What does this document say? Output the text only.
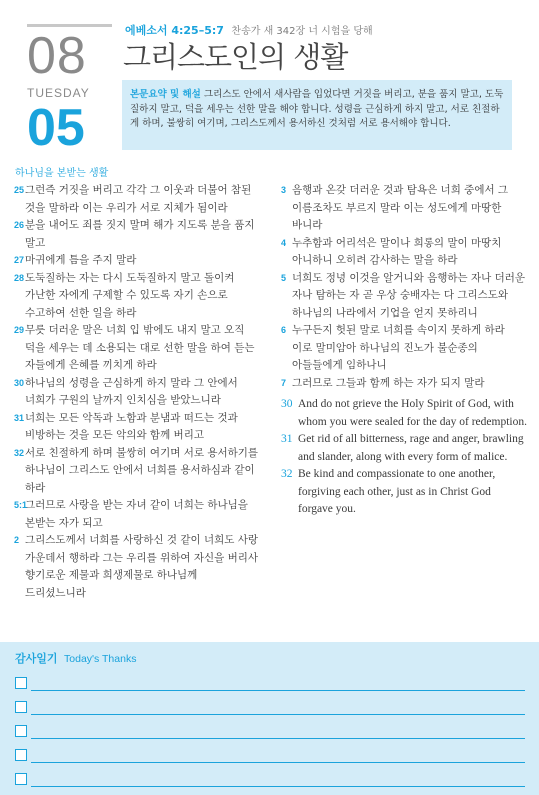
08
TUESDAY
05
에베소서 4:25–5:7 찬송가 새 342장 너 시험을 당해
그리스도인의 생활
본문요약 및 해설 그리스도 안에서 새사람을 입었다면 거짓을 버리고, 분을 품지 말고, 도둑질하지 말고, 덕을 세우는 선한 말을 해야 합니다. 성령을 근심하게 하지 말고, 서로 친절하게 하며, 불쌍히 여기며, 그리스도께서 용서하신 것처럼 서로 용서해야 합니다.
하나님을 본받는 생활
25 그런즉 거짓을 버리고 각각 그 이웃과 더불어 참된 것을 말하라 이는 우리가 서로 지체가 됨이라
26 분을 내어도 죄를 짓지 말며 해가 지도록 분을 품지 말고
27 마귀에게 틈을 주지 말라
28 도둑질하는 자는 다시 도둑질하지 말고 돌이켜 가난한 자에게 구제할 수 있도록 자기 손으로 수고하여 선한 일을 하라
29 무릇 더러운 말은 너희 입 밖에도 내지 말고 오직 덕을 세우는 데 소용되는 대로 선한 말을 하여 듣는 자들에게 은혜를 끼치게 하라
30 하나님의 성령을 근심하게 하지 말라 그 안에서 너희가 구원의 날까지 인치심을 받았느니라
31 너희는 모든 악독과 노함과 분냄과 떠드는 것과 비방하는 것을 모든 악의와 함께 버리고
32 서로 친절하게 하며 불쌍히 여기며 서로 용서하기를 하나님이 그리스도 안에서 너희를 용서하심과 같이 하라
5:1
그러므로 사랑을 받는 자녀 같이 너희는 하나님을 본받는 자가 되고
2 그리스도께서 너희를 사랑하신 것 같이 너희도 사랑 가운데서 행하라 그는 우리를 위하여 자신을 버리사 향기로운 제물과 희생제물로 하나님께 드리셨느니라
3 음행과 온갖 더러운 것과 탐욕은 너희 중에서 그 이름조차도 부르지 말라 이는 성도에게 마땅한 바니라
4 누추함과 어리석은 말이나 희롱의 말이 마땅치 아니하니 오히려 감사하는 말을 하라
5 너희도 정녕 이것을 알거니와 음행하는 자나 더러운 자나 탐하는 자 곧 우상 숭배자는 다 그리스도와 하나님의 나라에서 기업을 얻지 못하리니
6 누구든지 헛된 말로 너희를 속이지 못하게 하라 이로 말미암아 하나님의 진노가 불순종의 아들들에게 임하나니
7 그러므로 그들과 함께 하는 자가 되지 말라
30 And do not grieve the Holy Spirit of God, with whom you were sealed for the day of redemption.
31 Get rid of all bitterness, rage and anger, brawling and slander, along with every form of malice.
32 Be kind and compassionate to one another, forgiving each other, just as in Christ God forgave you.
감사일기 Today's Thanks
